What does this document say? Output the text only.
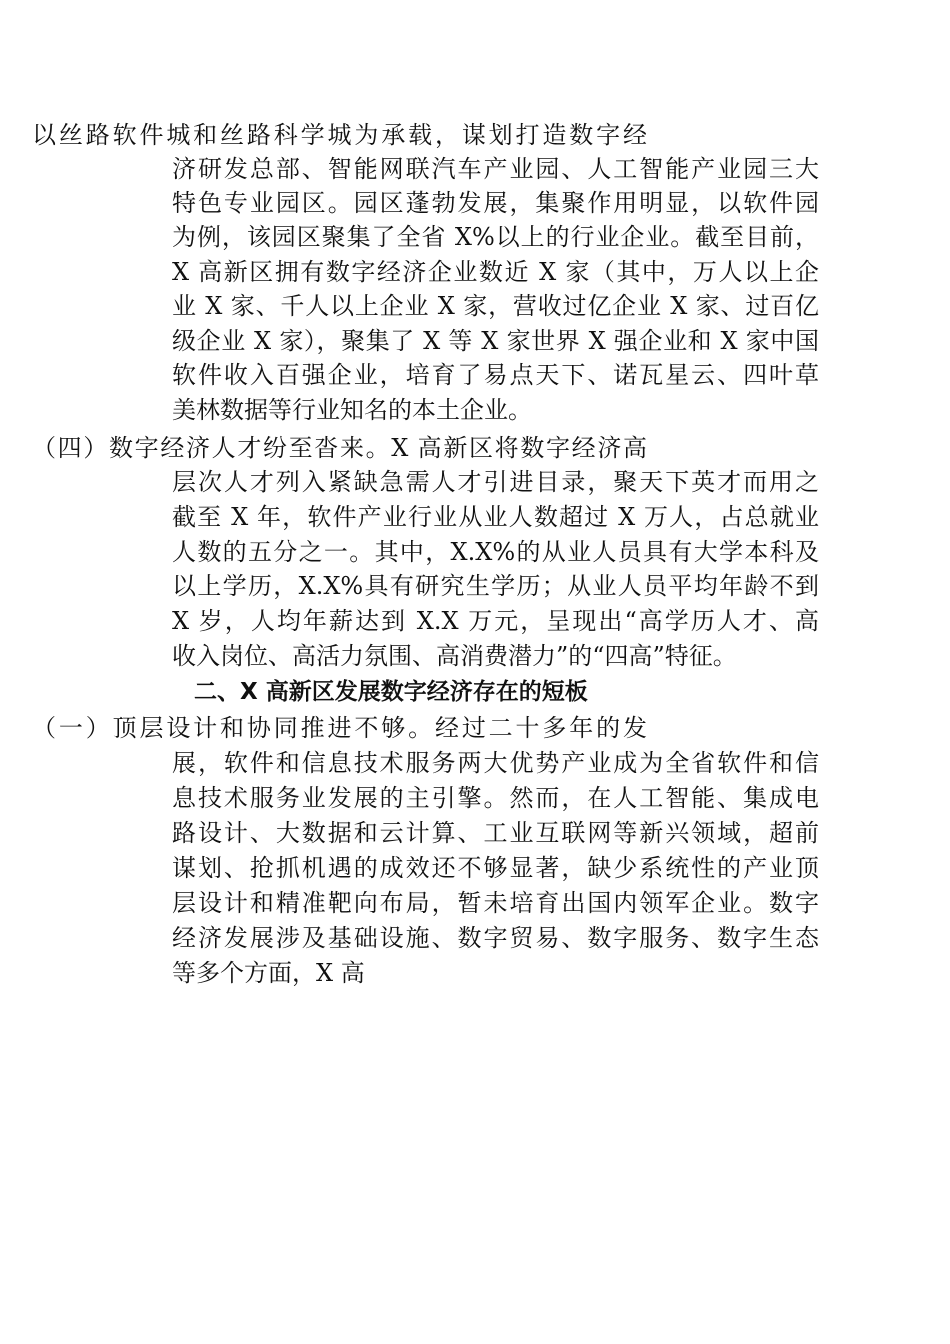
以丝路软件城和丝路科学城为承载，谋划打造数字经
济研发总部、智能网联汽车产业园、人工智能产业园三大
特色专业园区。园区蓬勃发展，集聚作用明显，以软件园
为例，该园区聚集了全省 X%以上的行业企业。截至目前，
X 高新区拥有数字经济企业数近 X 家（其中，万人以上企
业 X 家、千人以上企业 X 家，营收过亿企业 X 家、过百亿
级企业 X 家），聚集了 X 等 X 家世界 X 强企业和 X 家中国
软件收入百强企业，培育了易点天下、诺瓦星云、四叶草
美林数据等行业知名的本土企业。
（四）数字经济人才纷至沓来。X 高新区将数字经济高
层次人才列入紧缺急需人才引进目录，聚天下英才而用之
截至 X 年，软件产业行业从业人数超过 X 万人，占总就业
人数的五分之一。其中，X.X%的从业人员具有大学本科及
以上学历，X.X%具有研究生学历；从业人员平均年龄不到
X 岁，人均年薪达到 X.X 万元，呈现出“高学历人才、高
收入岗位、高活力氛围、高消费潜力”的“四高”特征。
二、X 高新区发展数字经济存在的短板
（一）顶层设计和协同推进不够。经过二十多年的发
展，软件和信息技术服务两大优势产业成为全省软件和信
息技术服务业发展的主引擎。然而，在人工智能、集成电
路设计、大数据和云计算、工业互联网等新兴领域，超前
谋划、抢抓机遇的成效还不够显著，缺少系统性的产业顶
层设计和精准靶向布局，暂未培育出国内领军企业。数字
经济发展涉及基础设施、数字贸易、数字服务、数字生态
等多个方面，X 高
